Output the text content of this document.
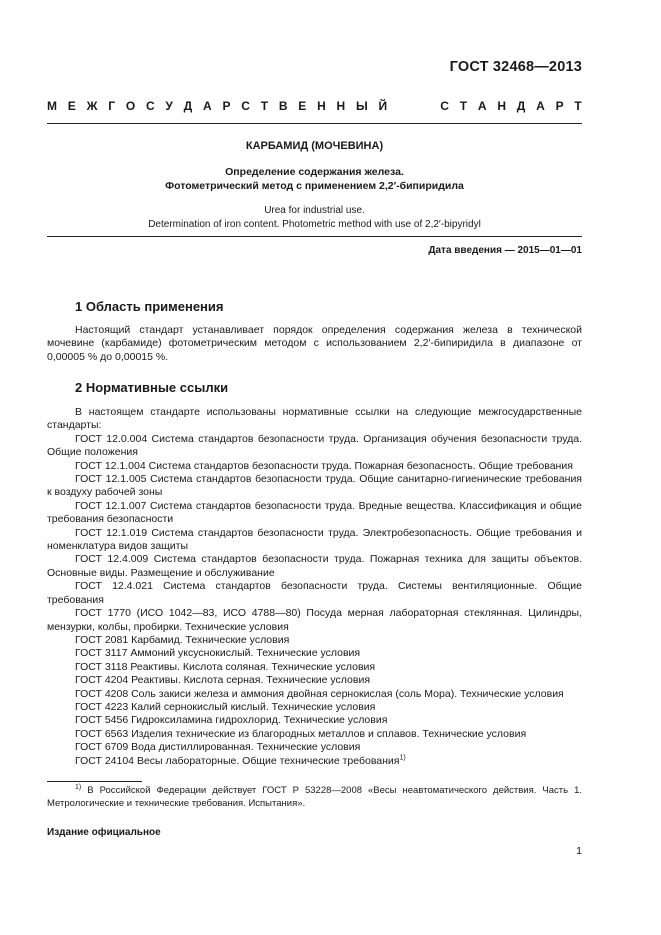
ГОСТ 32468—2013
М Е Ж Г О С У Д А Р С Т В Е Н Н Ы Й

	С Т А Н Д А Р Т
КАРБАМИД (МОЧЕВИНА)
Определение содержания железа.
Фотометрический метод с применением 2,2′-бипиридила
Urea for industrial use.
Determination of iron content. Photometric method with use of 2,2′-bipyridyl
Дата введения — 2015—01—01
1 Область применения
Настоящий стандарт устанавливает порядок определения содержания железа в технической мочевине (карбамиде) фотометрическим методом с использованием 2,2′-бипиридила в диапазоне от 0,00005 % до 0,00015 %.
2 Нормативные ссылки

В настоящем стандарте использованы нормативные ссылки на следующие межгосударственные стандарты:

ГОСТ 12.0.004 Система стандартов безопасности труда. Организация обучения безопасности труда. Общие положения

ГОСТ 12.1.004 Система стандартов безопасности труда. Пожарная безопасность. Общие требования

ГОСТ 12.1.005 Система стандартов безопасности труда. Общие санитарно-гигиенические требования к воздуху рабочей зоны

ГОСТ 12.1.007 Система стандартов безопасности труда. Вредные вещества. Классификация и общие требования безопасности

ГОСТ 12.1.019 Система стандартов безопасности труда. Электробезопасность. Общие требования и номенклатура видов защиты

ГОСТ 12.4.009 Система стандартов безопасности труда. Пожарная техника для защиты объектов. Основные виды. Размещение и обслуживание

ГОСТ 12.4.021 Система стандартов безопасности труда. Системы вентиляционные. Общие требования

ГОСТ 1770 (ИСО 1042—83, ИСО 4788—80) Посуда мерная лабораторная стеклянная. Цилиндры, мензурки, колбы, пробирки. Технические условия

ГОСТ 2081 Карбамид. Технические условия

ГОСТ 3117 Аммоний уксуснокислый. Технические условия

ГОСТ 3118 Реактивы. Кислота соляная. Технические условия

ГОСТ 4204 Реактивы. Кислота серная. Технические условия

ГОСТ 4208 Соль закиси железа и аммония двойная сернокислая (соль Мора). Технические условия

ГОСТ 4223 Калий сернокислый кислый. Технические условия

ГОСТ 5456 Гидроксиламина гидрохлорид. Технические условия

ГОСТ 6563 Изделия технические из благородных металлов и сплавов. Технические условия

ГОСТ 6709 Вода дистиллированная. Технические условия

ГОСТ 24104 Весы лабораторные. Общие технические требования$^{1)}$

$^{1)}$ В Российской Федерации действует ГОСТ Р 53228—2008 «Весы неавтоматического действия. Часть 1. Метрологические и технические требования. Испытания».
Издание официальное
1
